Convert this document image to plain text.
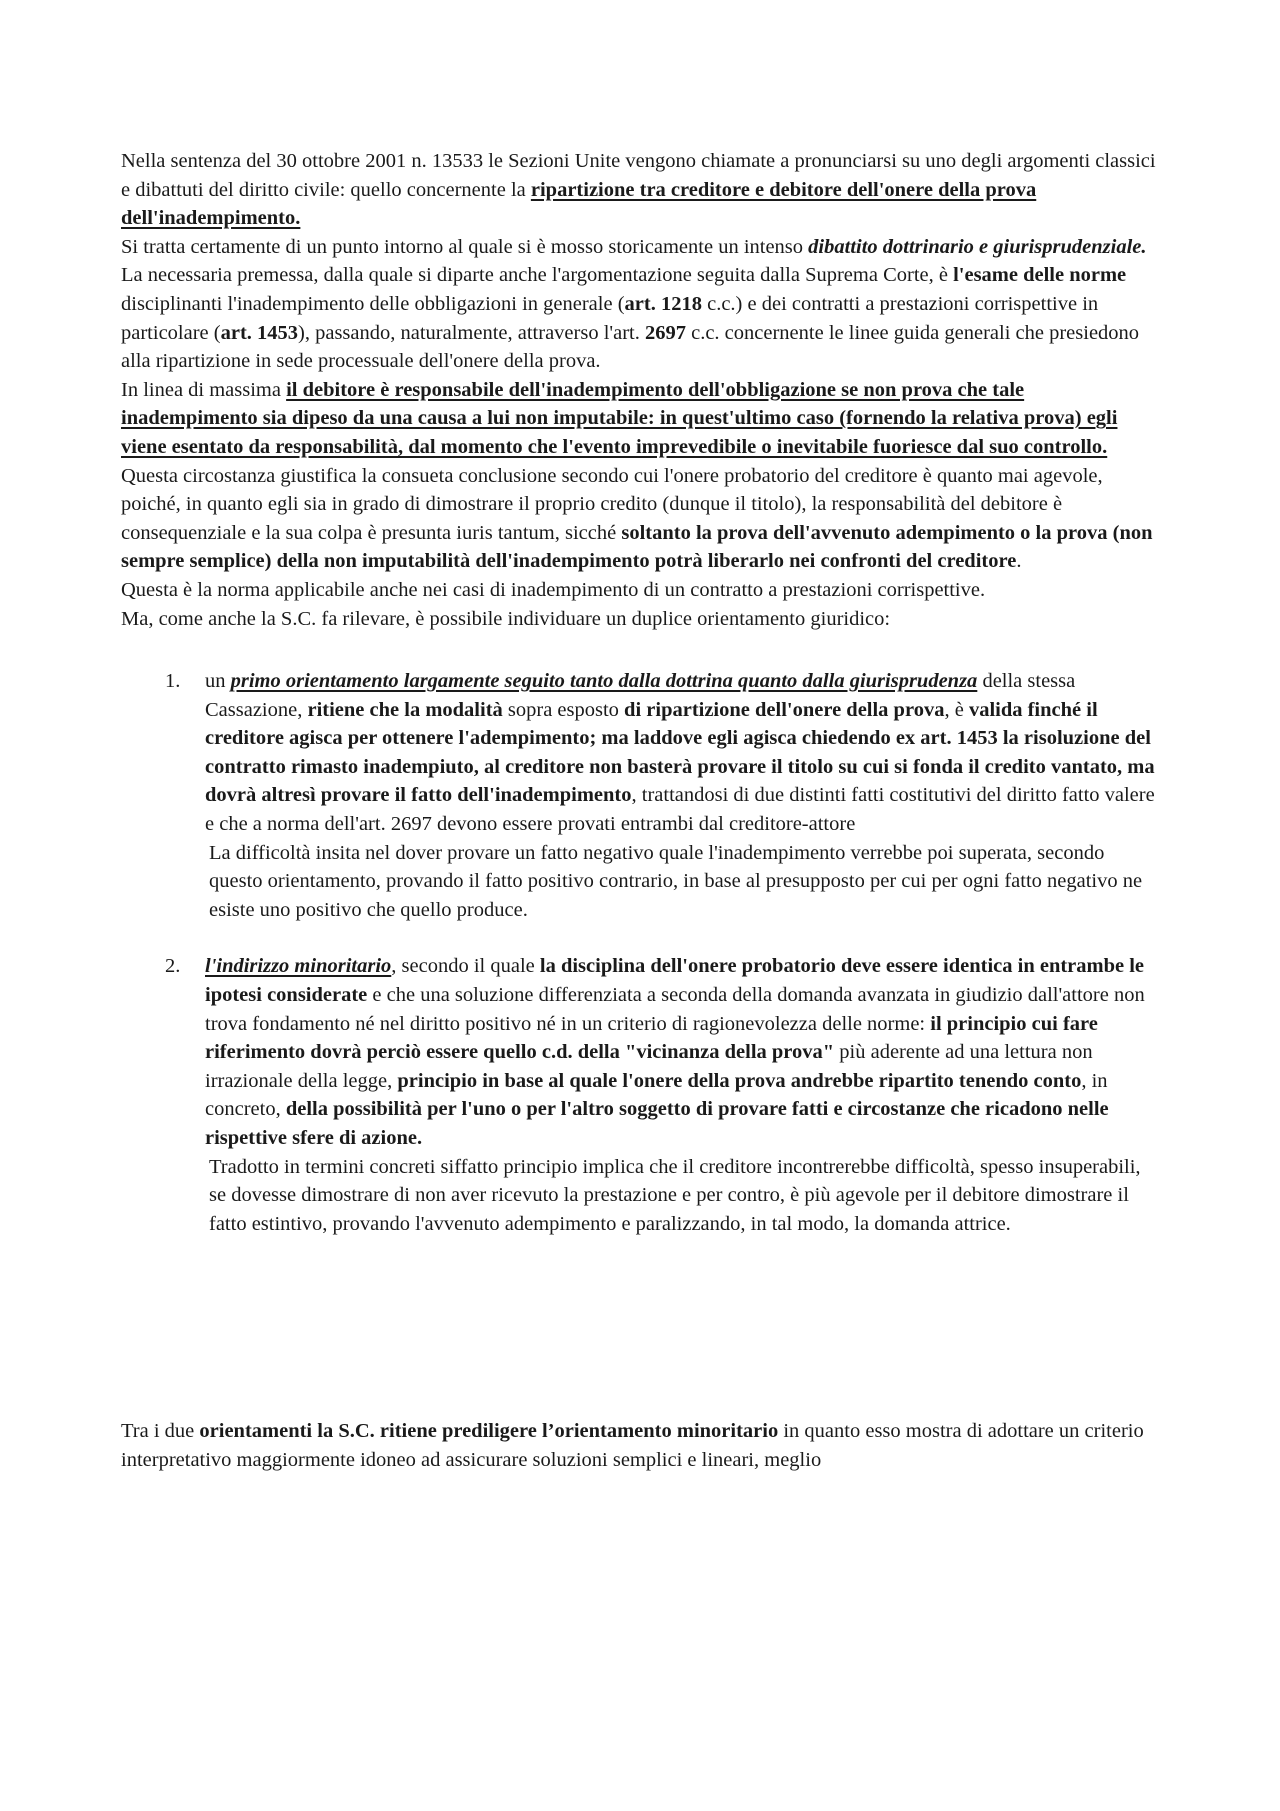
Nella sentenza del 30 ottobre 2001 n. 13533 le Sezioni Unite vengono chiamate a pronunciarsi su uno degli argomenti classici e dibattuti del diritto civile: quello concernente la ripartizione tra creditore e debitore dell'onere della prova dell'inadempimento.

Si tratta certamente di un punto intorno al quale si è mosso storicamente un intenso dibattito dottrinario e giurisprudenziale.

La necessaria premessa, dalla quale si diparte anche l'argomentazione seguita dalla Suprema Corte, è l'esame delle norme disciplinanti l'inadempimento delle obbligazioni in generale (art. 1218 c.c.) e dei contratti a prestazioni corrispettive in particolare (art. 1453), passando, naturalmente, attraverso l'art. 2697 c.c. concernente le linee guida generali che presiedono alla ripartizione in sede processuale dell'onere della prova.

In linea di massima il debitore è responsabile dell'inadempimento dell'obbligazione se non prova che tale inadempimento sia dipeso da una causa a lui non imputabile: in quest'ultimo caso (fornendo la relativa prova) egli viene esentato da responsabilità, dal momento che l'evento imprevedibile o inevitabile fuoriesce dal suo controllo.

Questa circostanza giustifica la consueta conclusione secondo cui l'onere probatorio del creditore è quanto mai agevole, poiché, in quanto egli sia in grado di dimostrare il proprio credito (dunque il titolo), la responsabilità del debitore è consequenziale e la sua colpa è presunta iuris tantum, sicché soltanto la prova dell'avvenuto adempimento o la prova (non sempre semplice) della non imputabilità dell'inadempimento potrà liberarlo nei confronti del creditore.

Questa è la norma applicabile anche nei casi di inadempimento di un contratto a prestazioni corrispettive.

Ma, come anche la S.C. fa rilevare, è possibile individuare un duplice orientamento giuridico:

1. un primo orientamento largamente seguito tanto dalla dottrina quanto dalla giurisprudenza della stessa Cassazione, ritiene che la modalità sopra esposto di ripartizione dell'onere della prova, è valida finché il creditore agisca per ottenere l'adempimento; ma laddove egli agisca chiedendo ex art. 1453 la risoluzione del contratto rimasto inadempiuto, al creditore non basterà provare il titolo su cui si fonda il credito vantato, ma dovrà altresì provare il fatto dell'inadempimento, trattandosi di due distinti fatti costitutivi del diritto fatto valere e che a norma dell'art. 2697 devono essere provati entrambi dal creditore-attore
La difficoltà insita nel dover provare un fatto negativo quale l'inadempimento verrebbe poi superata, secondo questo orientamento, provando il fatto positivo contrario, in base al presupposto per cui per ogni fatto negativo ne esiste uno positivo che quello produce.
2. l'indirizzo minoritario, secondo il quale la disciplina dell'onere probatorio deve essere identica in entrambe le ipotesi considerate e che una soluzione differenziata a seconda della domanda avanzata in giudizio dall'attore non trova fondamento né nel diritto positivo né in un criterio di ragionevolezza delle norme: il principio cui fare riferimento dovrà perciò essere quello c.d. della "vicinanza della prova" più aderente ad una lettura non irrazionale della legge, principio in base al quale l'onere della prova andrebbe ripartito tenendo conto, in concreto, della possibilità per l'uno o per l'altro soggetto di provare fatti e circostanze che ricadono nelle rispettive sfere di azione.
Tradotto in termini concreti siffatto principio implica che il creditore incontrerebbe difficoltà, spesso insuperabili, se dovesse dimostrare di non aver ricevuto la prestazione e per contro, è più agevole per il debitore dimostrare il fatto estintivo, provando l'avvenuto adempimento e paralizzando, in tal modo, la domanda attrice.

Tra i due orientamenti la S.C. ritiene prediligere l’orientamento minoritario in quanto esso mostra di adottare un criterio interpretativo maggiormente idoneo ad assicurare soluzioni semplici e lineari, meglio
